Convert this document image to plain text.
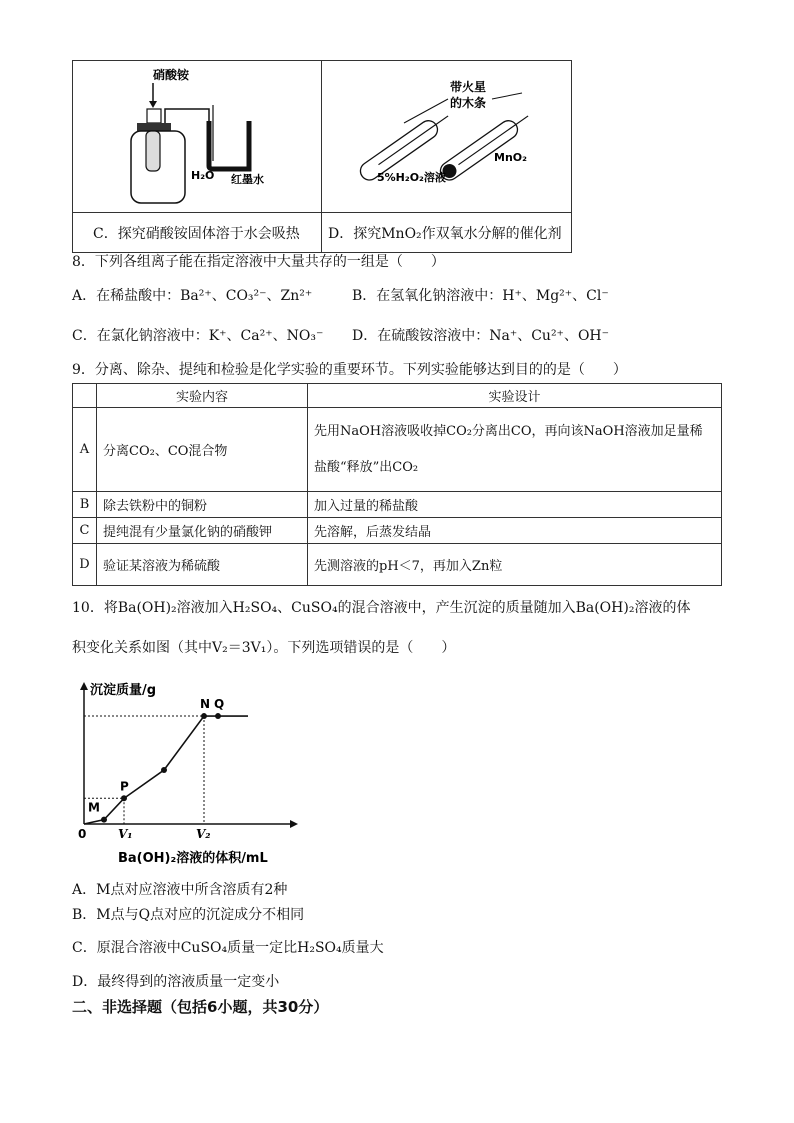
硝酸铵
H₂O 红墨水	带火星
的木条
MnO₂
5%H₂O₂溶液

C．探究硝酸铵固体溶于水会吸热	D．探究MnO₂作双氧水分解的催化剂
8．下列各组离子能在指定溶液中大量共存的一组是（　　）
A．在稀盐酸中：Ba²⁺、CO₃²⁻、Zn²⁺	B．在氢氧化钠溶液中：H⁺、Mg²⁺、Cl⁻
C．在氯化钠溶液中：K⁺、Ca²⁺、NO₃⁻ D．在硫酸铵溶液中：Na⁺、Cu²⁺、OH⁻
9．分离、除杂、提纯和检验是化学实验的重要环节。下列实验能够达到目的的是（　　）
	实验内容	实验设计
A	分离CO₂、CO混合物	先用NaOH溶液吸收掉CO₂分离出CO，再向该NaOH溶液加足量稀盐酸“释放”出CO₂
B	除去铁粉中的铜粉	加入过量的稀盐酸
C	提纯混有少量氯化钠的硝酸钾	先溶解，后蒸发结晶
D	验证某溶液为稀硫酸	先测溶液的pH＜7，再加入Zn粒
10．将Ba(OH)₂溶液加入H₂SO₄、CuSO₄的混合溶液中，产生沉淀的质量随加入Ba(OH)₂溶液的体
积变化关系如图（其中V₂＝3V₁）。下列选项错误的是（　　）
沉淀质量/g
Ba(OH)₂溶液的体积/mL
0	V₁	V₂
M
P
N Q
A．M点对应溶液中所含溶质有2种
B．M点与Q点对应的沉淀成分不相同
C．原混合溶液中CuSO₄质量一定比H₂SO₄质量大
D．最终得到的溶液质量一定变小
二、非选择题（包括6小题，共30分）
